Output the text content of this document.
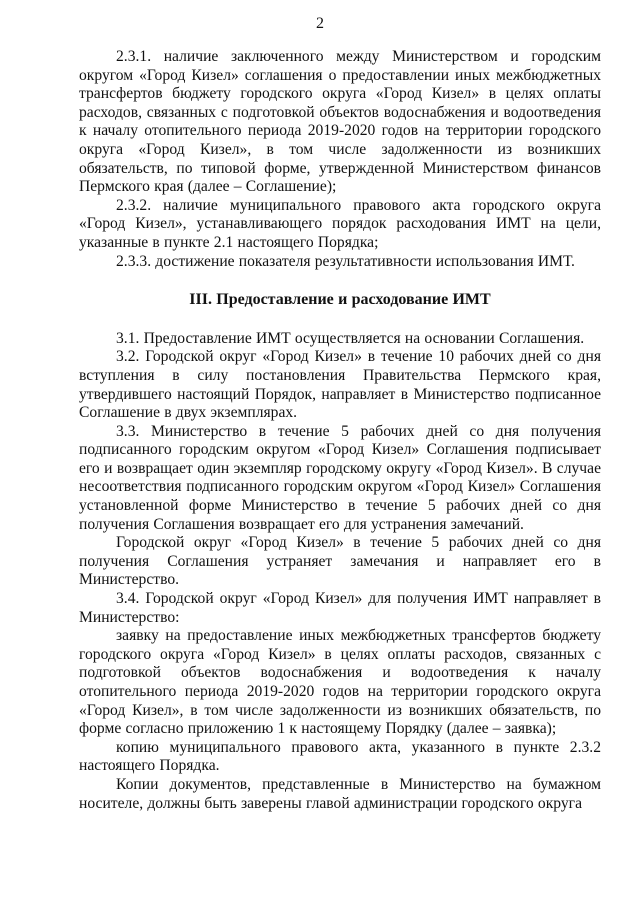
2

2.3.1. наличие заключенного между Министерством и городским округом «Город Кизел» соглашения о предоставлении иных межбюджетных трансфертов бюджету городского округа «Город Кизел» в целях оплаты расходов, связанных с подготовкой объектов водоснабжения и водоотведения к началу отопительного периода 2019-2020 годов на территории городского округа «Город Кизел», в том числе задолженности из возникших обязательств, по типовой форме, утвержденной Министерством финансов Пермского края (далее – Соглашение);

2.3.2. наличие муниципального правового акта городского округа «Город Кизел», устанавливающего порядок расходования ИМТ на цели, указанные в пункте 2.1 настоящего Порядка;

2.3.3. достижение показателя результативности использования ИМТ.

III. Предоставление и расходование ИМТ

3.1. Предоставление ИМТ осуществляется на основании Соглашения.

3.2. Городской округ «Город Кизел» в течение 10 рабочих дней со дня вступления в силу постановления Правительства Пермского края, утвердившего настоящий Порядок, направляет в Министерство подписанное Соглашение в двух экземплярах.

3.3. Министерство в течение 5 рабочих дней со дня получения подписанного городским округом «Город Кизел» Соглашения подписывает его и возвращает один экземпляр городскому округу «Город Кизел». В случае несоответствия подписанного городским округом «Город Кизел» Соглашения установленной форме Министерство в течение 5 рабочих дней со дня получения Соглашения возвращает его для устранения замечаний.

Городской округ «Город Кизел» в течение 5 рабочих дней со дня получения Соглашения устраняет замечания и направляет его в Министерство.

3.4. Городской округ «Город Кизел» для получения ИМТ направляет в Министерство:

заявку на предоставление иных межбюджетных трансфертов бюджету городского округа «Город Кизел» в целях оплаты расходов, связанных с подготовкой объектов водоснабжения и водоотведения к началу отопительного периода 2019-2020 годов на территории городского округа «Город Кизел», в том числе задолженности из возникших обязательств, по форме согласно приложению 1 к настоящему Порядку (далее – заявка);

копию муниципального правового акта, указанного в пункте 2.3.2 настоящего Порядка.

Копии документов, представленные в Министерство на бумажном носителе, должны быть заверены главой администрации городского округа
